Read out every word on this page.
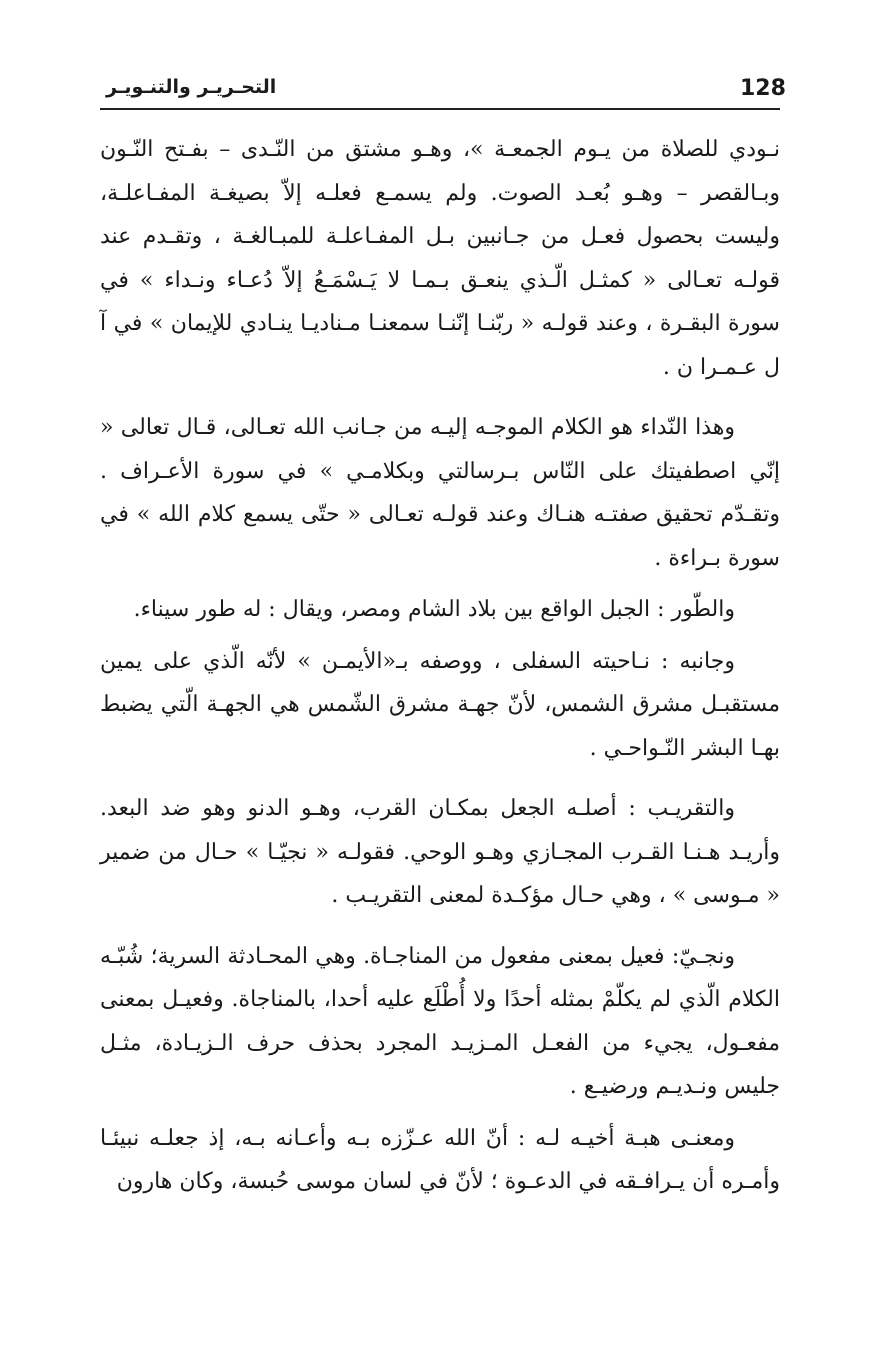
التحـريـر والتنـويـر	128

نـودي للصلاة من يـوم الجمعـة »، وهـو مشتق من النّـدى – بفـتح النّـون وبـالقصر – وهـو بُعـد الصوت. ولم يسمـع فعلـه إلاّ بصيغـة المفـاعلـة، وليست بحصول فعـل من جـانبين بـل المفـاعلـة للمبـالغـة ، وتقـدم عند قولـه تعـالى « كمثـل الّـذي ينعـق بـمـا لا يَـسْمَـعُ إلاّ دُعـاء ونـداء » في سورة البقـرة ، وعند قولـه « ربّنـا إنّنـا سمعنـا مـناديـا ينـادي للإيمان » في آ ل عـمـرا ن .

وهذا النّداء هو الكلام الموجـه إليـه من جـانب الله تعـالى، قـال تعالى « إنّي اصطفيتك على النّاس بـرسالتي وبكلامـي » في سورة الأعـراف . وتقـدّم تحقيق صفتـه هنـاك وعند قولـه تعـالى « حتّى يسمع كلام الله » في سورة بـراءة .

والطّور : الجبل الواقع بين بلاد الشام ومصر، ويقال : له طور سيناء.

وجانبه : نـاحيته السفلى ، ووصفه بـ«الأيمـن » لأنّه الّذي على يمين مستقبـل مشرق الشمس، لأنّ جهـة مشرق الشّمس هي الجهـة الّتي يضبط بهـا البشر النّـواحـي .

والتقريـب : أصلـه الجعل بمكـان القرب، وهـو الدنو وهو ضد البعد. وأريـد هـنـا القـرب المجـازي وهـو الوحي. فقولـه « نجيّـا » حـال من ضمير « مـوسى » ، وهي حـال مؤكـدة لمعنى التقريـب .

ونجـيّ: فعيل بمعنى مفعول من المناجـاة. وهي المحـادثة السرية؛ شُبّـه الكلام الّذي لم يكلّمْ بمثله أحدًا ولا أُطْلَع عليه أحدا، بالمناجاة. وفعيـل بمعنى مفعـول، يجيء من الفعـل المـزيـد المجرد بحذف حرف الـزيـادة، مثـل جليس ونـديـم ورضيـع .

ومعنـى هبـة أخيـه لـه : أنّ الله عـزّزه بـه وأعـانه بـه، إذ جعلـه نبيئـا وأمـره أن يـرافـقه في الدعـوة ؛ لأنّ في لسان موسى حُبسة، وكان هارون
